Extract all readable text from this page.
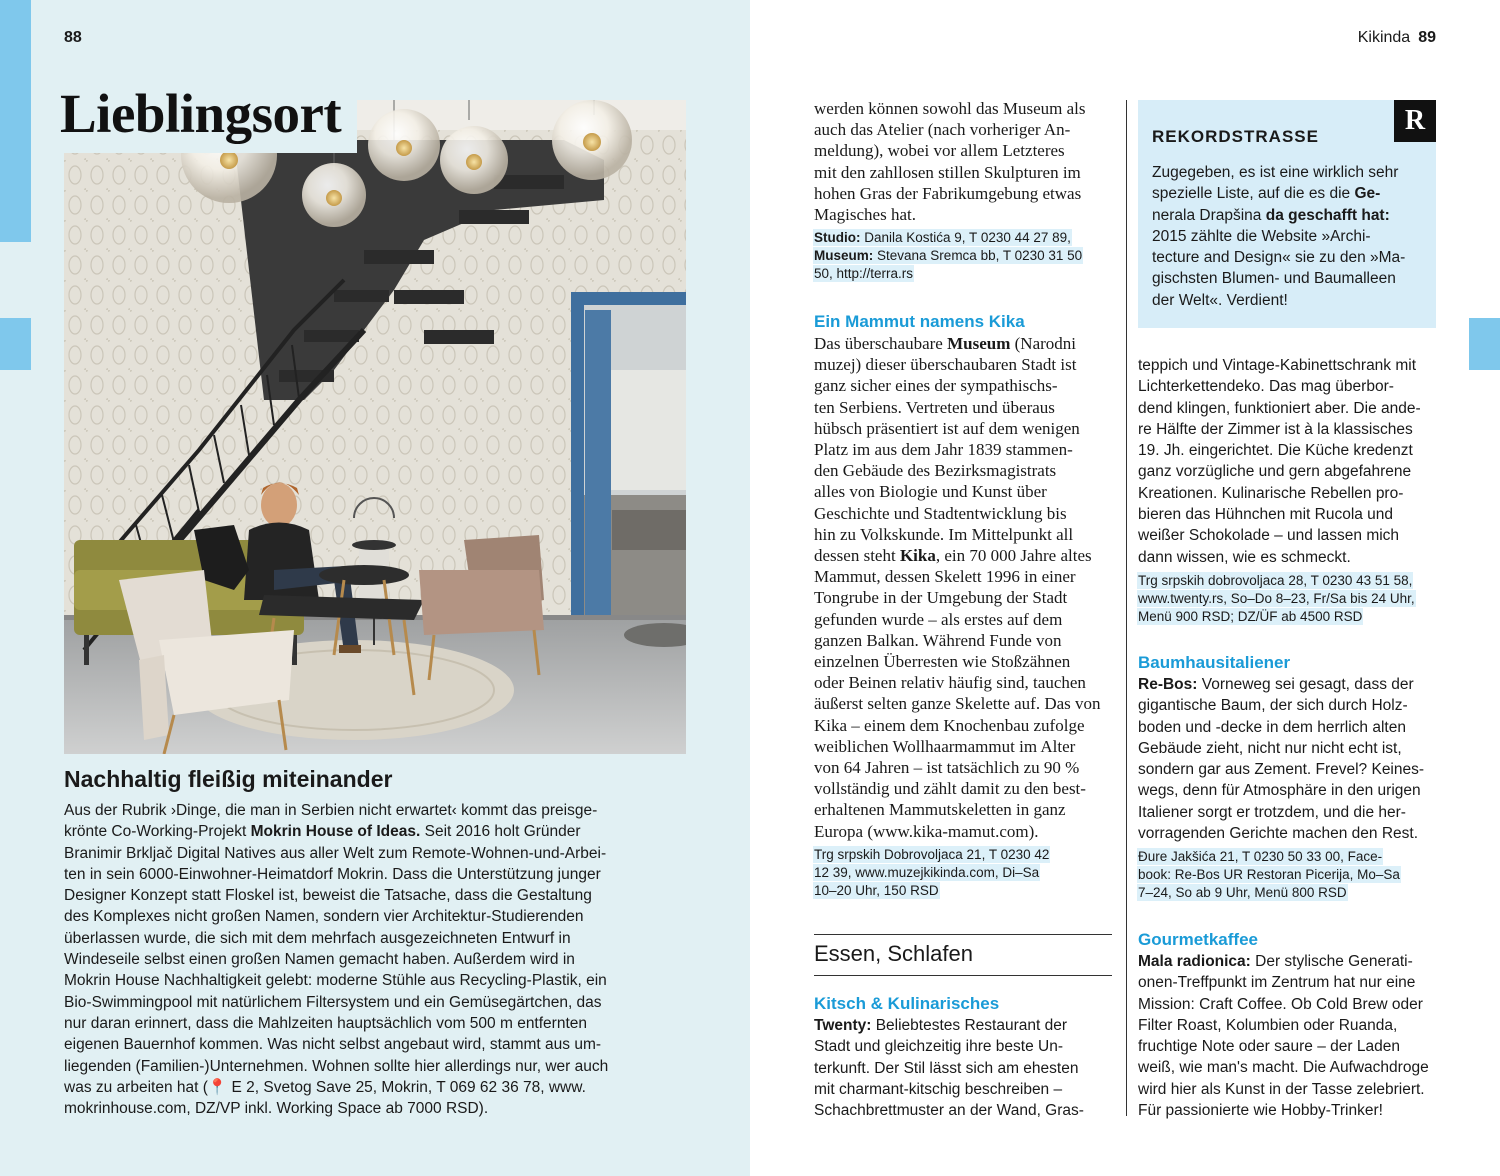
88
Lieblingsort
Nachhaltig fleißig miteinander
Aus der Rubrik ›Dinge, die man in Serbien nicht erwartet‹ kommt das preisge-
krönte Co-Working-Projekt Mokrin House of Ideas. Seit 2016 holt Gründer
Branimir Brkljač Digital Natives aus aller Welt zum Remote-Wohnen-und-Arbei-
ten in sein 6000-Einwohner-Heimatdorf Mokrin. Dass die Unterstützung junger
Designer Konzept statt Floskel ist, beweist die Tatsache, dass die Gestaltung
des Komplexes nicht großen Namen, sondern vier Architektur-Studierenden
überlassen wurde, die sich mit dem mehrfach ausgezeichneten Entwurf in
Windeseile selbst einen großen Namen gemacht haben. Außerdem wird in
Mokrin House Nachhaltigkeit gelebt: moderne Stühle aus Recycling-Plastik, ein
Bio-Swimmingpool mit natürlichem Filtersystem und ein Gemüsegärtchen, das
nur daran erinnert, dass die Mahlzeiten hauptsächlich vom 500 m entfernten
eigenen Bauernhof kommen. Was nicht selbst angebaut wird, stammt aus um-
liegenden (Familien-)Unternehmen. Wohnen sollte hier allerdings nur, wer auch
was zu arbeiten hat (📍 E 2, Svetog Save 25, Mokrin, T 069 62 36 78, www.
mokrinhouse.com, DZ/VP inkl. Working Space ab 7000 RSD).
Kikinda 89

werden können sowohl das Museum als
auch das Atelier (nach vorheriger An-
meldung), wobei vor allem Letzteres
mit den zahllosen stillen Skulpturen im
hohen Gras der Fabrikumgebung etwas
Magisches hat.

Studio: Danila Kostića 9, T 0230 44 27 89,
Museum: Stevana Sremca bb, T 0230 31 50
50, http://terra.rs

Ein Mammut namens Kika

Das überschaubare Museum (Narodni
muzej) dieser überschaubaren Stadt ist
ganz sicher eines der sympathischs-
ten Serbiens. Vertreten und überaus
hübsch präsentiert ist auf dem wenigen
Platz im aus dem Jahr 1839 stammen-
den Gebäude des Bezirksmagistrats
alles von Biologie und Kunst über
Geschichte und Stadtentwicklung bis
hin zu Volkskunde. Im Mittelpunkt all
dessen steht Kika, ein 70 000 Jahre altes
Mammut, dessen Skelett 1996 in einer
Tongrube in der Umgebung der Stadt
gefunden wurde – als erstes auf dem
ganzen Balkan. Während Funde von
einzelnen Überresten wie Stoßzähnen
oder Beinen relativ häufig sind, tauchen
äußerst selten ganze Skelette auf. Das von
Kika – einem dem Knochenbau zufolge
weiblichen Wollhaarmammut im Alter
von 64 Jahren – ist tatsächlich zu 90 %
vollständig und zählt damit zu den best-
erhaltenen Mammutskeletten in ganz
Europa (www.kika-mamut.com).

Trg srpskih Dobrovoljaca 21, T 0230 42
12 39, www.muzejkikinda.com, Di–Sa
10–20 Uhr, 150 RSD

Essen, Schlafen
Kitsch & Kulinarisches

Twenty: Beliebtestes Restaurant der
Stadt und gleichzeitig ihre beste Un-
terkunft. Der Stil lässt sich am ehesten
mit charmant-kitschig beschreiben –
Schachbrettmuster an der Wand, Gras-

R
REKORDSTRASSE

Zugegeben, es ist eine wirklich sehr
spezielle Liste, auf die es die Ge-
nerala Drapšina da geschafft hat:
2015 zählte die Website »Archi-
tecture and Design« sie zu den »Ma-
gischsten Blumen- und Baumalleen
der Welt«. Verdient!

teppich und Vintage-Kabinettschrank mit
Lichterkettendeko. Das mag überbor-
dend klingen, funktioniert aber. Die ande-
re Hälfte der Zimmer ist à la klassisches
19. Jh. eingerichtet. Die Küche kredenzt
ganz vorzügliche und gern abgefahrene
Kreationen. Kulinarische Rebellen pro-
bieren das Hühnchen mit Rucola und
weißer Schokolade – und lassen mich
dann wissen, wie es schmeckt.

Trg srpskih dobrovoljaca 28, T 0230 43 51 58,
www.twenty.rs, So–Do 8–23, Fr/Sa bis 24 Uhr,
Menü 900 RSD; DZ/ÜF ab 4500 RSD

Baumhausitaliener

Re-Bos: Vorneweg sei gesagt, dass der
gigantische Baum, der sich durch Holz-
boden und -decke in dem herrlich alten
Gebäude zieht, nicht nur nicht echt ist,
sondern gar aus Zement. Frevel? Keines-
wegs, denn für Atmosphäre in den urigen
Italiener sorgt er trotzdem, und die her-
vorragenden Gerichte machen den Rest.

Đure Jakšića 21, T 0230 50 33 00, Face-
book: Re-Bos UR Restoran Picerija, Mo–Sa
7–24, So ab 9 Uhr, Menü 800 RSD

Gourmetkaffee

Mala radionica: Der stylische Generati-
onen-Treffpunkt im Zentrum hat nur eine
Mission: Craft Coffee. Ob Cold Brew oder
Filter Roast, Kolumbien oder Ruanda,
fruchtige Note oder saure – der Laden
weiß, wie man's macht. Die Aufwachdroge
wird hier als Kunst in der Tasse zelebriert.
Für passionierte wie Hobby-Trinker!
